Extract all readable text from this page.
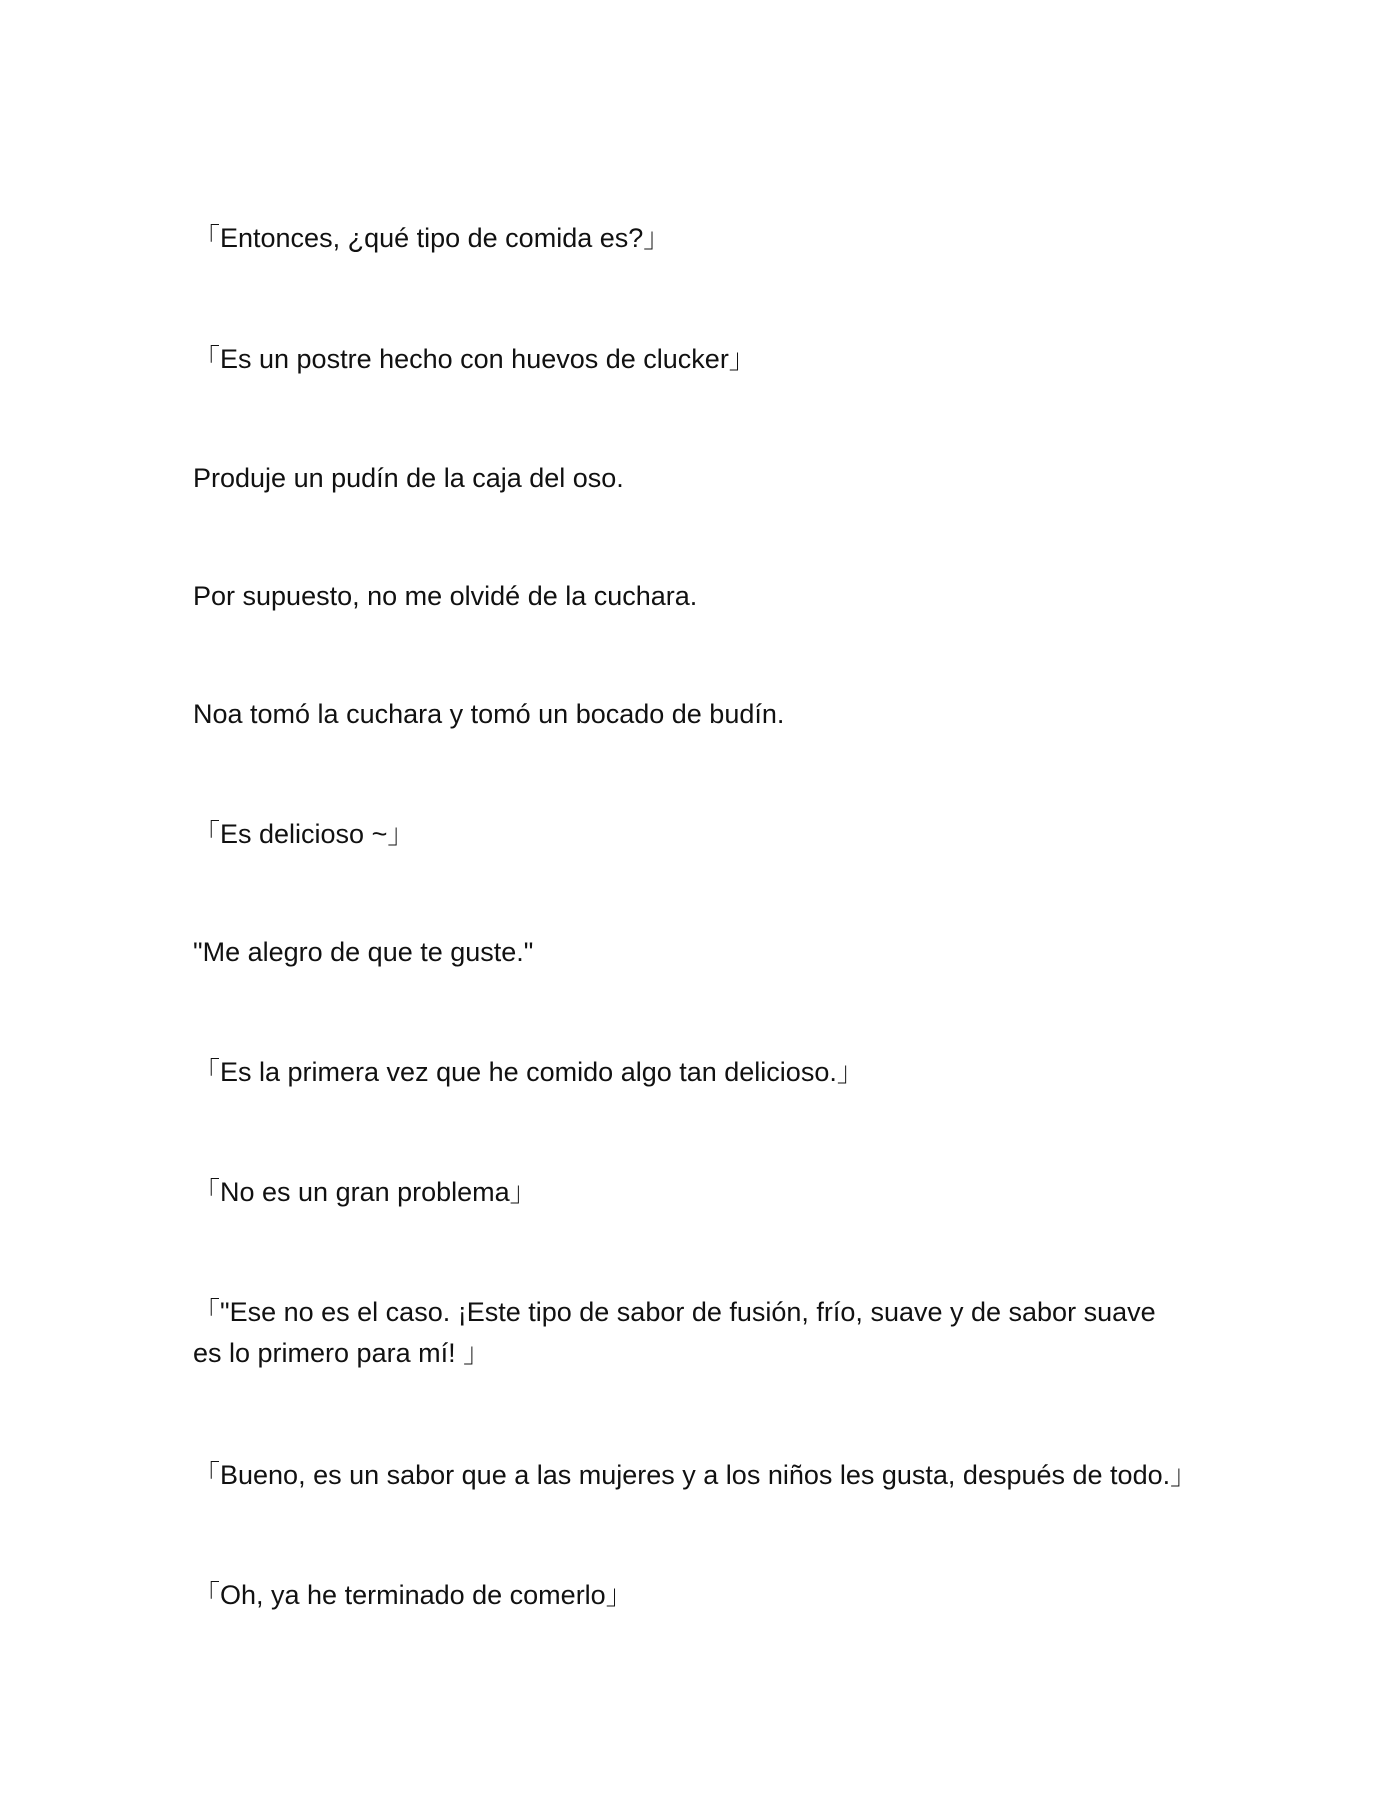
「Entonces, ¿qué tipo de comida es?」

「Es un postre hecho con huevos de clucker」

Produje un pudín de la caja del oso.

Por supuesto, no me olvidé de la cuchara.

Noa tomó la cuchara y tomó un bocado de budín.

「Es delicioso ~」

"Me alegro de que te guste."

「Es la primera vez que he comido algo tan delicioso.」

「No es un gran problema」

「"Ese no es el caso. ¡Este tipo de sabor de fusión, frío, suave y de sabor suave
es lo primero para mí! 」

「Bueno, es un sabor que a las mujeres y a los niños les gusta, después de todo.」

「Oh, ya he terminado de comerlo」
